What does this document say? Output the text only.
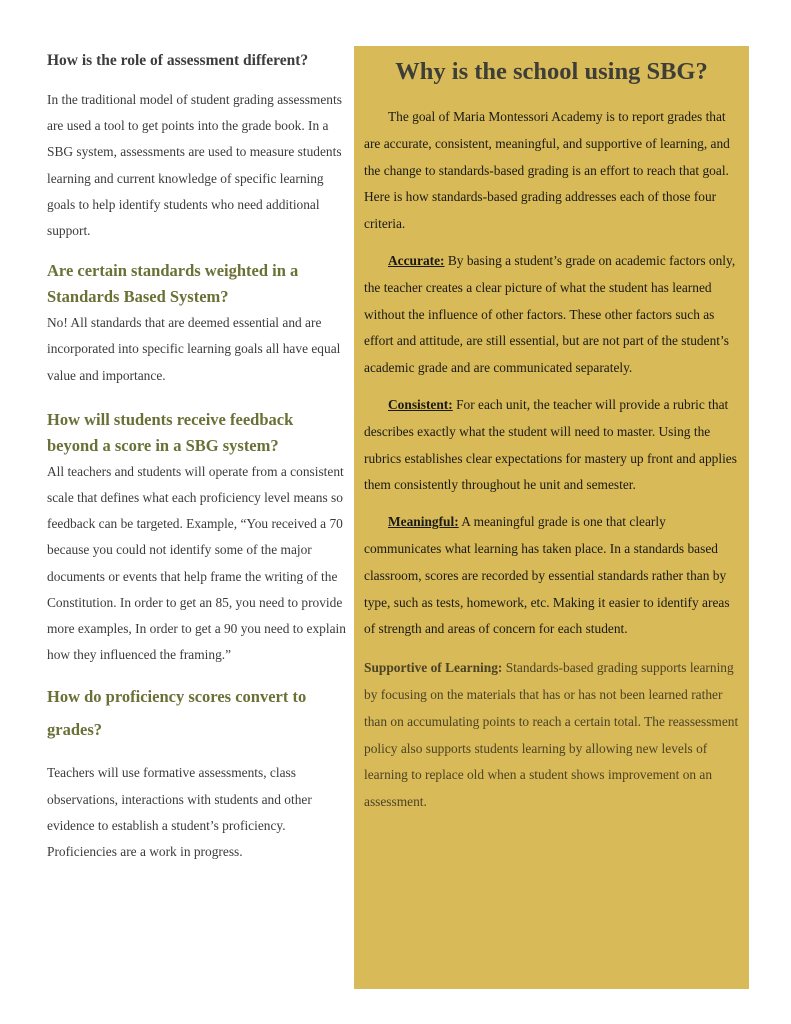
How is the role of assessment different?

In the traditional model of student grading assessments are used a tool to get points into the grade book. In a SBG system, assessments are used to measure students learning and current knowledge of specific learning goals to help identify students who need additional support.

Are certain standards weighted in a Standards Based System?

No! All standards that are deemed essential and are incorporated into specific learning goals all have equal value and importance.

How will students receive feedback beyond a score in a SBG system?

All teachers and students will operate from a consistent scale that defines what each proficiency level means so feedback can be targeted. Example, “You received a 70 because you could not identify some of the major documents or events that help frame the writing of the Constitution. In order to get an 85, you need to provide more examples, In order to get a 90 you need to explain how they influenced the framing.”

How do proficiency scores convert to grades?

Teachers will use formative assessments, class observations, interactions with students and other evidence to establish a student’s proficiency. Proficiencies are a work in progress.

Why is the school using SBG?

The goal of Maria Montessori Academy is to report grades that are accurate, consistent, meaningful, and supportive of learning, and the change to standards-based grading is an effort to reach that goal. Here is how standards-based grading addresses each of those four criteria.

Accurate: By basing a student’s grade on academic factors only, the teacher creates a clear picture of what the student has learned without the influence of other factors. These other factors such as effort and attitude, are still essential, but are not part of the student’s academic grade and are communicated separately.

Consistent: For each unit, the teacher will provide a rubric that describes exactly what the student will need to master. Using the rubrics establishes clear expectations for mastery up front and applies them consistently throughout he unit and semester.

Meaningful: A meaningful grade is one that clearly communicates what learning has taken place. In a standards based classroom, scores are recorded by essential standards rather than by type, such as tests, homework, etc. Making it easier to identify areas of strength and areas of concern for each student.

Supportive of Learning: Standards-based grading supports learning by focusing on the materials that has or has not been learned rather than on accumulating points to reach a certain total. The reassessment policy also supports students learning by allowing new levels of learning to replace old when a student shows improvement on an assessment.
